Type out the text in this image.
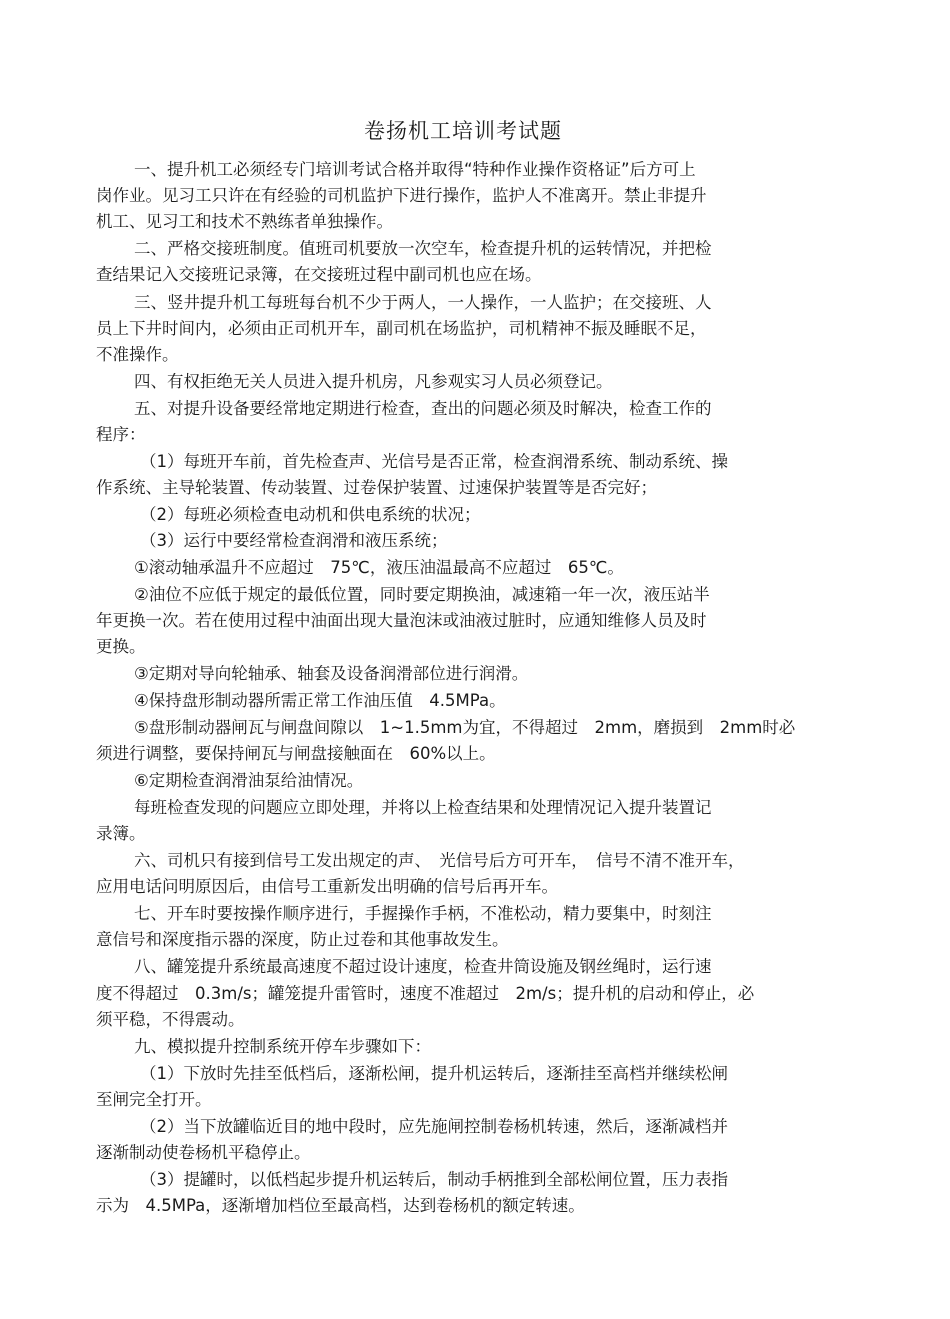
卷扬机工培训考试题
一、提升机工必须经专门培训考试合格并取得“特种作业操作资格证”后方可上
岗作业。见习工只许在有经验的司机监护下进行操作，监护人不准离开。禁止非提升
机工、见习工和技术不熟练者单独操作。
二、严格交接班制度。值班司机要放一次空车，检查提升机的运转情况，并把检
查结果记入交接班记录簿，在交接班过程中副司机也应在场。
三、竖井提升机工每班每台机不少于两人，一人操作，一人监护；在交接班、人
员上下井时间内，必须由正司机开车，副司机在场监护，司机精神不振及睡眠不足，
不准操作。
四、有权拒绝无关人员进入提升机房，凡参观实习人员必须登记。
五、对提升设备要经常地定期进行检查，查出的问题必须及时解决，检查工作的
程序：
（1）每班开车前，首先检查声、光信号是否正常，检查润滑系统、制动系统、操
作系统、主导轮装置、传动装置、过卷保护装置、过速保护装置等是否完好；
（2）每班必须检查电动机和供电系统的状况；
（3）运行中要经常检查润滑和液压系统；
①滚动轴承温升不应超过　75℃，液压油温最高不应超过　65℃。
②油位不应低于规定的最低位置，同时要定期换油，减速箱一年一次，液压站半
年更换一次。若在使用过程中油面出现大量泡沫或油液过脏时，应通知维修人员及时
更换。
③定期对导向轮轴承、轴套及设备润滑部位进行润滑。
④保持盘形制动器所需正常工作油压值　4.5MPa。
⑤盘形制动器闸瓦与闸盘间隙以　1~1.5mm为宜，不得超过　2mm，磨损到　2mm时必
须进行调整，要保持闸瓦与闸盘接触面在　60%以上。
⑥定期检查润滑油泵给油情况。
每班检查发现的问题应立即处理，并将以上检查结果和处理情况记入提升装置记
录簿。
六、司机只有接到信号工发出规定的声、　光信号后方可开车，　信号不清不准开车，
应用电话问明原因后，由信号工重新发出明确的信号后再开车。
七、开车时要按操作顺序进行，手握操作手柄，不准松动，精力要集中，时刻注
意信号和深度指示器的深度，防止过卷和其他事故发生。
八、罐笼提升系统最高速度不超过设计速度，检查井筒设施及钢丝绳时，运行速
度不得超过　0.3m/s；罐笼提升雷管时，速度不准超过　2m/s；提升机的启动和停止，必
须平稳，不得震动。
九、模拟提升控制系统开停车步骤如下：
（1）下放时先挂至低档后，逐渐松闸，提升机运转后，逐渐挂至高档并继续松闸
至闸完全打开。
（2）当下放罐临近目的地中段时，应先施闸控制卷杨机转速，然后，逐渐减档并
逐渐制动使卷杨机平稳停止。
（3）提罐时，以低档起步提升机运转后，制动手柄推到全部松闸位置，压力表指
示为　4.5MPa，逐渐增加档位至最高档，达到卷杨机的额定转速。
